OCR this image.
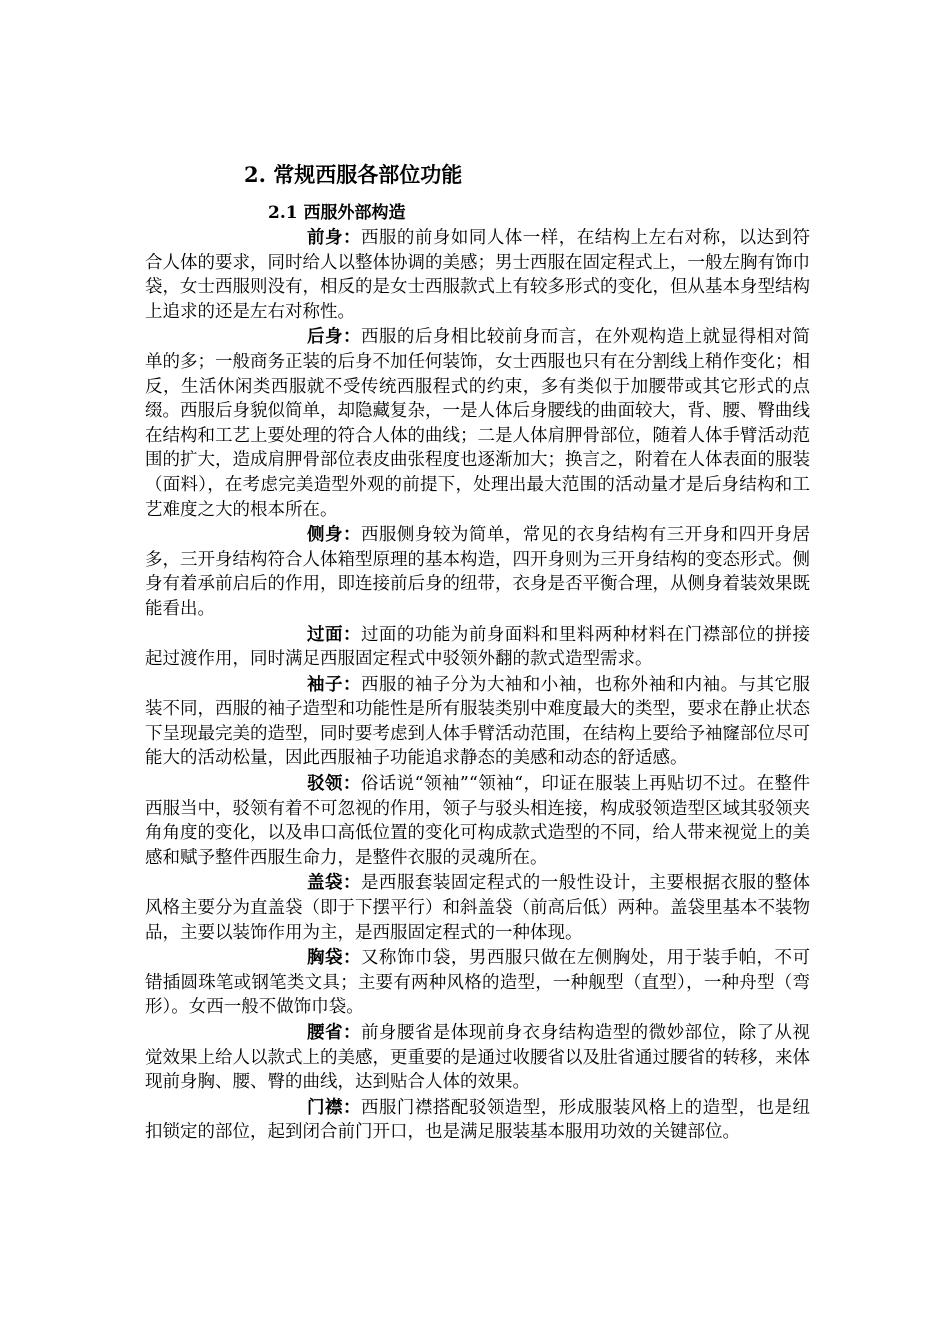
2. 常规西服各部位功能
2.1 西服外部构造

前身：西服的前身如同人体一样，在结构上左右对称，以达到符合人体的要求，同时给人以整体协调的美感；男士西服在固定程式上，一般左胸有饰巾袋，女士西服则没有，相反的是女士西服款式上有较多形式的变化，但从基本身型结构上追求的还是左右对称性。

后身：西服的后身相比较前身而言，在外观构造上就显得相对简单的多；一般商务正装的后身不加任何装饰，女士西服也只有在分割线上稍作变化；相反，生活休闲类西服就不受传统西服程式的约束，多有类似于加腰带或其它形式的点缀。西服后身貌似简单，却隐藏复杂，一是人体后身腰线的曲面较大，背、腰、臀曲线在结构和工艺上要处理的符合人体的曲线；二是人体肩胛骨部位，随着人体手臂活动范围的扩大，造成肩胛骨部位表皮曲张程度也逐渐加大；换言之，附着在人体表面的服装（面料），在考虑完美造型外观的前提下，处理出最大范围的活动量才是后身结构和工艺难度之大的根本所在。

侧身：西服侧身较为简单，常见的衣身结构有三开身和四开身居多，三开身结构符合人体箱型原理的基本构造，四开身则为三开身结构的变态形式。侧身有着承前启后的作用，即连接前后身的纽带，衣身是否平衡合理，从侧身着装效果既能看出。

过面：过面的功能为前身面料和里料两种材料在门襟部位的拼接起过渡作用，同时满足西服固定程式中驳领外翻的款式造型需求。

袖子：西服的袖子分为大袖和小袖，也称外袖和内袖。与其它服装不同，西服的袖子造型和功能性是所有服装类别中难度最大的类型，要求在静止状态下呈现最完美的造型，同时要考虑到人体手臂活动范围，在结构上要给予袖窿部位尽可能大的活动松量，因此西服袖子功能追求静态的美感和动态的舒适感。

驳领：俗话说“领袖”“领袖“，印证在服装上再贴切不过。在整件西服当中，驳领有着不可忽视的作用，领子与驳头相连接，构成驳领造型区域其驳领夹角角度的变化，以及串口高低位置的变化可构成款式造型的不同，给人带来视觉上的美感和赋予整件西服生命力，是整件衣服的灵魂所在。

盖袋：是西服套装固定程式的一般性设计，主要根据衣服的整体风格主要分为直盖袋（即于下摆平行）和斜盖袋（前高后低）两种。盖袋里基本不装物品，主要以装饰作用为主，是西服固定程式的一种体现。

胸袋：又称饰巾袋，男西服只做在左侧胸处，用于装手帕，不可错插圆珠笔或钢笔类文具；主要有两种风格的造型，一种舰型（直型），一种舟型（弯形）。女西一般不做饰巾袋。

腰省：前身腰省是体现前身衣身结构造型的微妙部位，除了从视觉效果上给人以款式上的美感，更重要的是通过收腰省以及肚省通过腰省的转移，来体现前身胸、腰、臀的曲线，达到贴合人体的效果。

门襟：西服门襟搭配驳领造型，形成服装风格上的造型，也是纽扣锁定的部位，起到闭合前门开口，也是满足服装基本服用功效的关键部位。
